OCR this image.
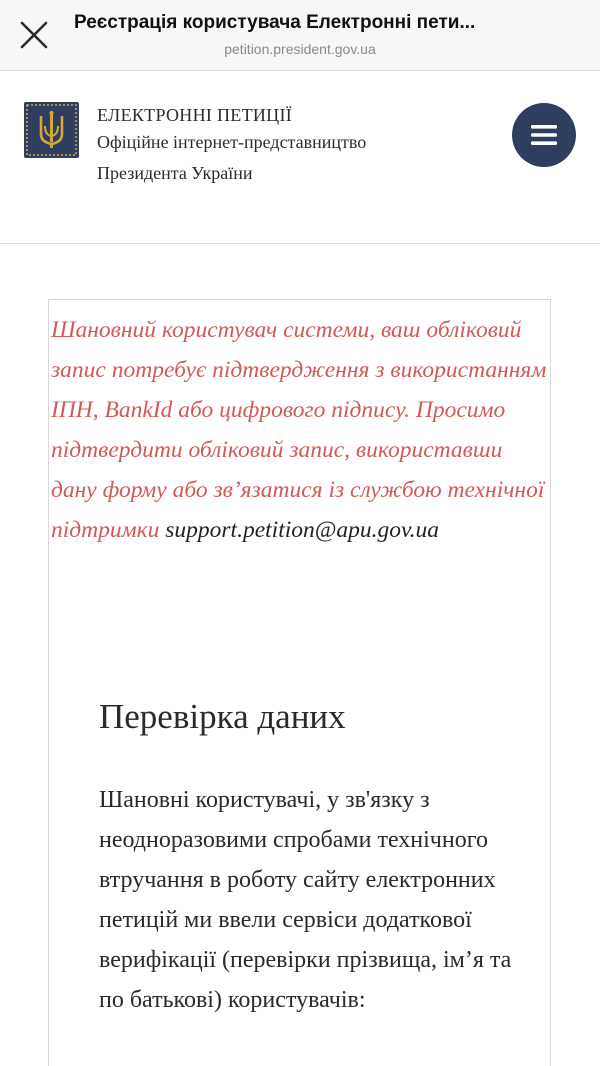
Реєстрація користувача Електронні пети...
petition.president.gov.ua
ЕЛЕКТРОННІ ПЕТИЦІЇ
Офіційне інтернет-представництво
Президента України
Шановний користувач системи, ваш обліковий запис потребує підтвердження з використанням ІПН, BankId або цифрового підпису. Просимо підтвердити обліковий запис, використавши дану форму або звʼязатися із службою технічної підтримки support.petition@apu.gov.ua
Перевірка даних
Шановні користувачі, у зв'язку з неодноразовими спробами технічного втручання в роботу сайту електронних петицій ми ввели сервіси додаткової верифікації (перевірки прізвища, імʼя та по батькові) користувачів:
